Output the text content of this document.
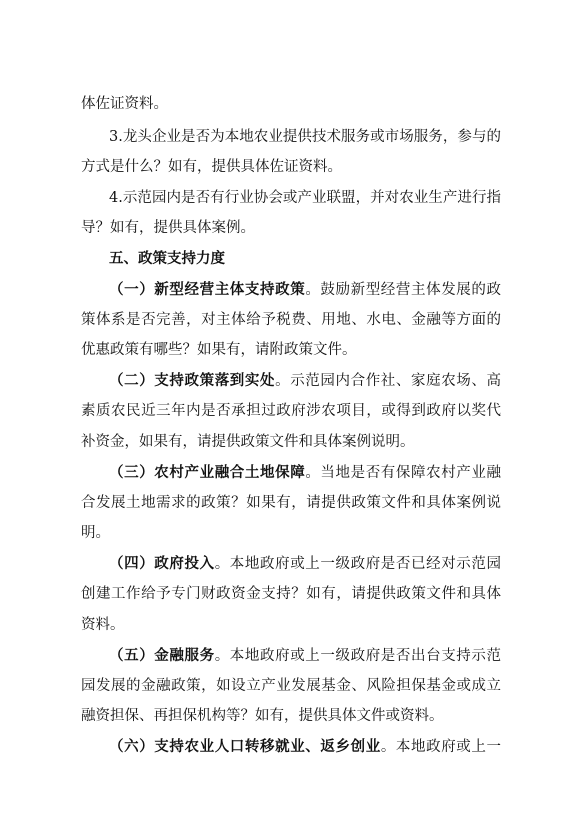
体佐证资料。
3.龙头企业是否为本地农业提供技术服务或市场服务，参与的
方式是什么？如有，提供具体佐证资料。
4.示范园内是否有行业协会或产业联盟，并对农业生产进行指
导？如有，提供具体案例。
五、政策支持力度
（一）新型经营主体支持政策。鼓励新型经营主体发展的政
策体系是否完善，对主体给予税费、用地、水电、金融等方面的
优惠政策有哪些？如果有，请附政策文件。
（二）支持政策落到实处。示范园内合作社、家庭农场、高
素质农民近三年内是否承担过政府涉农项目，或得到政府以奖代
补资金，如果有，请提供政策文件和具体案例说明。
（三）农村产业融合土地保障。当地是否有保障农村产业融
合发展土地需求的政策？如果有，请提供政策文件和具体案例说
明。
（四）政府投入。本地政府或上一级政府是否已经对示范园
创建工作给予专门财政资金支持？如有，请提供政策文件和具体
资料。
（五）金融服务。本地政府或上一级政府是否出台支持示范
园发展的金融政策，如设立产业发展基金、风险担保基金或成立
融资担保、再担保机构等？如有，提供具体文件或资料。
（六）支持农业人口转移就业、返乡创业。本地政府或上一
